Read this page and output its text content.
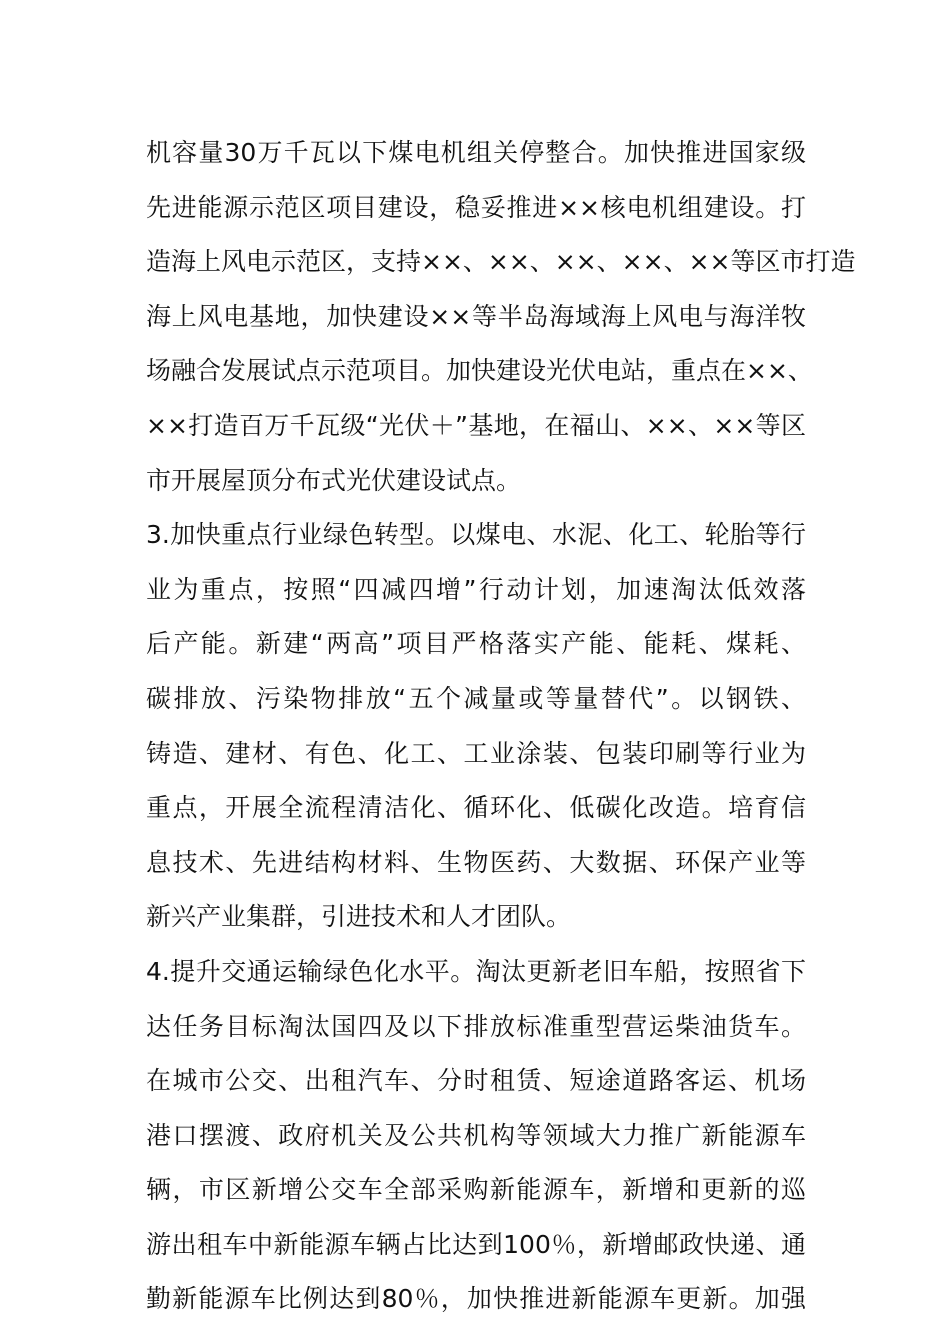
机容量30万千瓦以下煤电机组关停整合。加快推进国家级
先进能源示范区项目建设，稳妥推进××核电机组建设。打
造海上风电示范区，支持××、××、××、××、××等区市打造
海上风电基地，加快建设××等半岛海域海上风电与海洋牧
场融合发展试点示范项目。加快建设光伏电站，重点在××、
××打造百万千瓦级“光伏＋”基地，在福山、××、××等区
市开展屋顶分布式光伏建设试点。
3.加快重点行业绿色转型。以煤电、水泥、化工、轮胎等行
业为重点，按照“四减四增”行动计划，加速淘汰低效落
后产能。新建“两高”项目严格落实产能、能耗、煤耗、
碳排放、污染物排放“五个减量或等量替代”。以钢铁、
铸造、建材、有色、化工、工业涂装、包装印刷等行业为
重点，开展全流程清洁化、循环化、低碳化改造。培育信
息技术、先进结构材料、生物医药、大数据、环保产业等
新兴产业集群，引进技术和人才团队。
4.提升交通运输绿色化水平。淘汰更新老旧车船，按照省下
达任务目标淘汰国四及以下排放标准重型营运柴油货车。
在城市公交、出租汽车、分时租赁、短途道路客运、机场
港口摆渡、政府机关及公共机构等领域大力推广新能源车
辆，市区新增公交车全部采购新能源车，新增和更新的巡
游出租车中新能源车辆占比达到100％，新增邮政快递、通
勤新能源车比例达到80％，加快推进新能源车更新。加强
